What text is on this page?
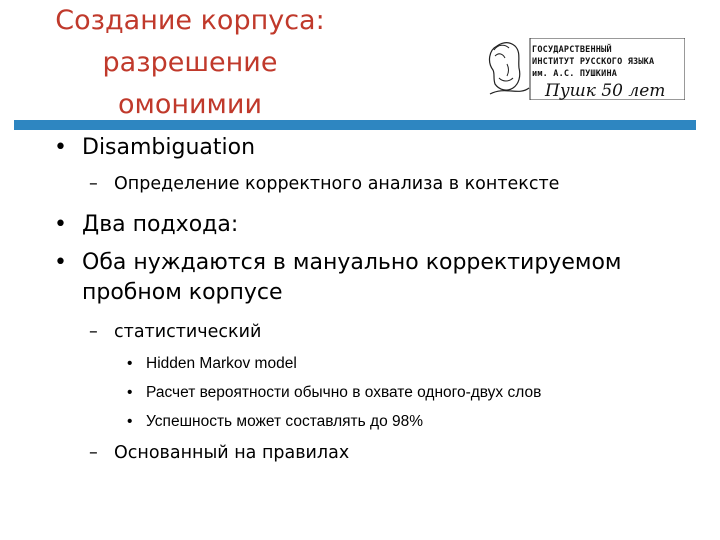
Создание корпуса:
разрешение
омонимии
ГОСУДАРСТВЕННЫЙ
ИНСТИТУТ РУССКОГО ЯЗЫКА
им. А.С. ПУШКИНА
Пушк 50 лет
• Disambiguation
– Определение корректного анализа в контексте
• Два подхода:
• Оба нуждаются в мануально корректируемом
пробном корпусе
– статистический
• Hidden Markov model
• Расчет вероятности обычно в охвате одного-двух слов
• Успешность может составлять до 98%
– Основанный на правилах
